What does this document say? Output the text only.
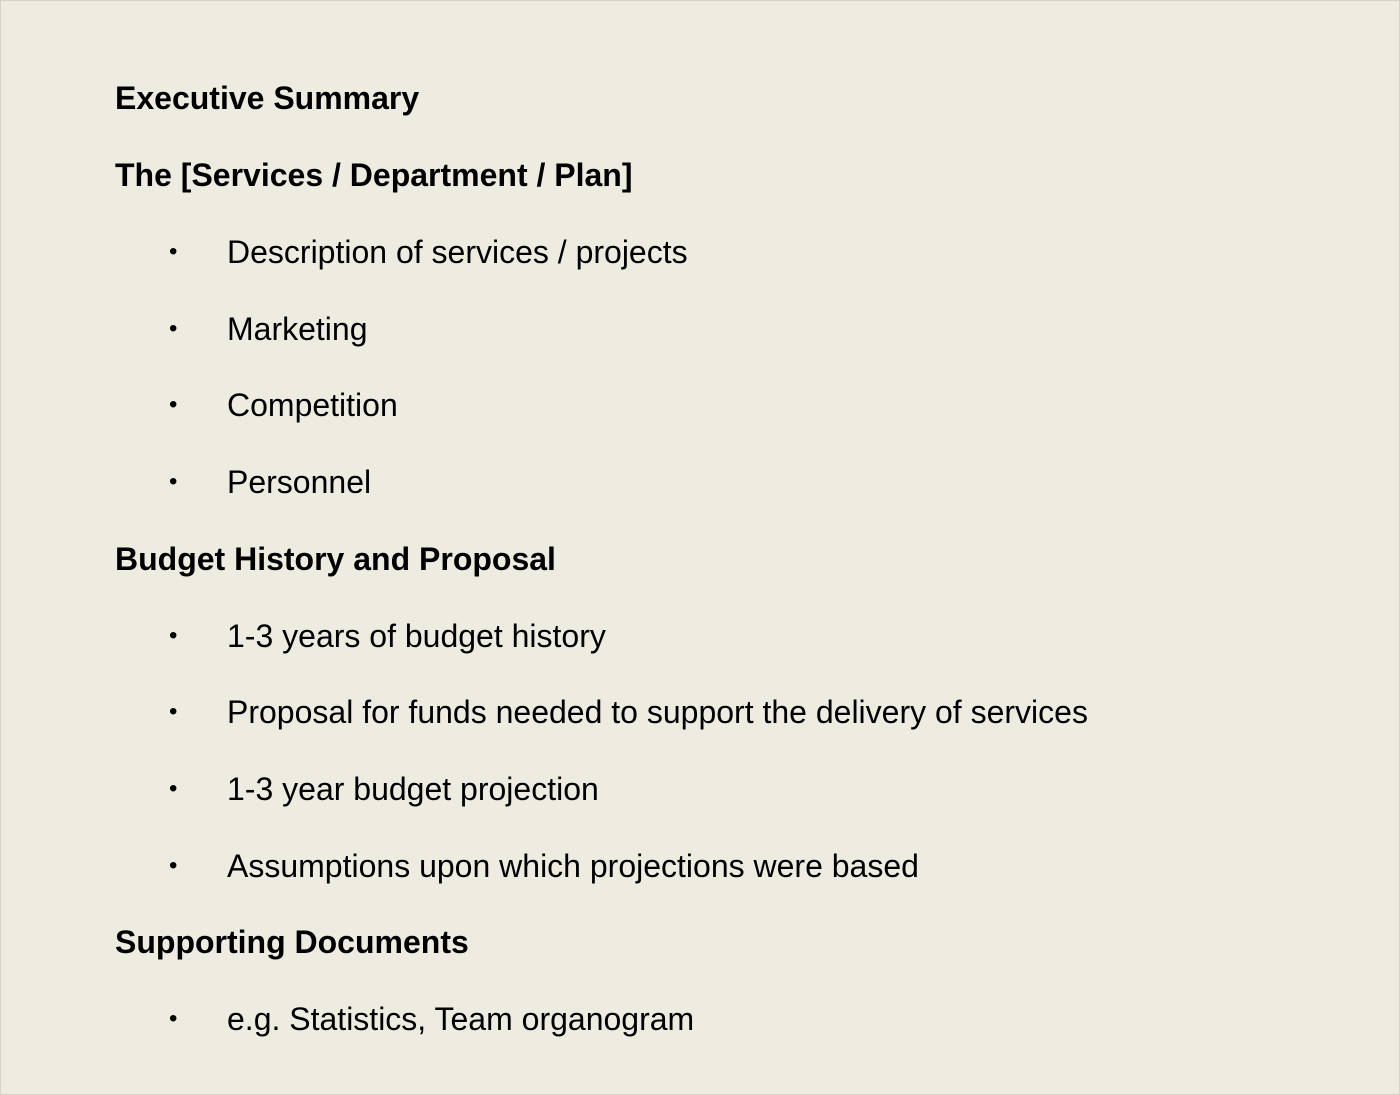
Executive Summary
The [Services / Department / Plan]
•	Description of services / projects
•	Marketing
•	Competition
•	Personnel
Budget History and Proposal
•	1-3 years of budget history
•	Proposal for funds needed to support the delivery of services
•	1-3 year budget projection
•	Assumptions upon which projections were based
Supporting Documents
•	e.g. Statistics, Team organogram
